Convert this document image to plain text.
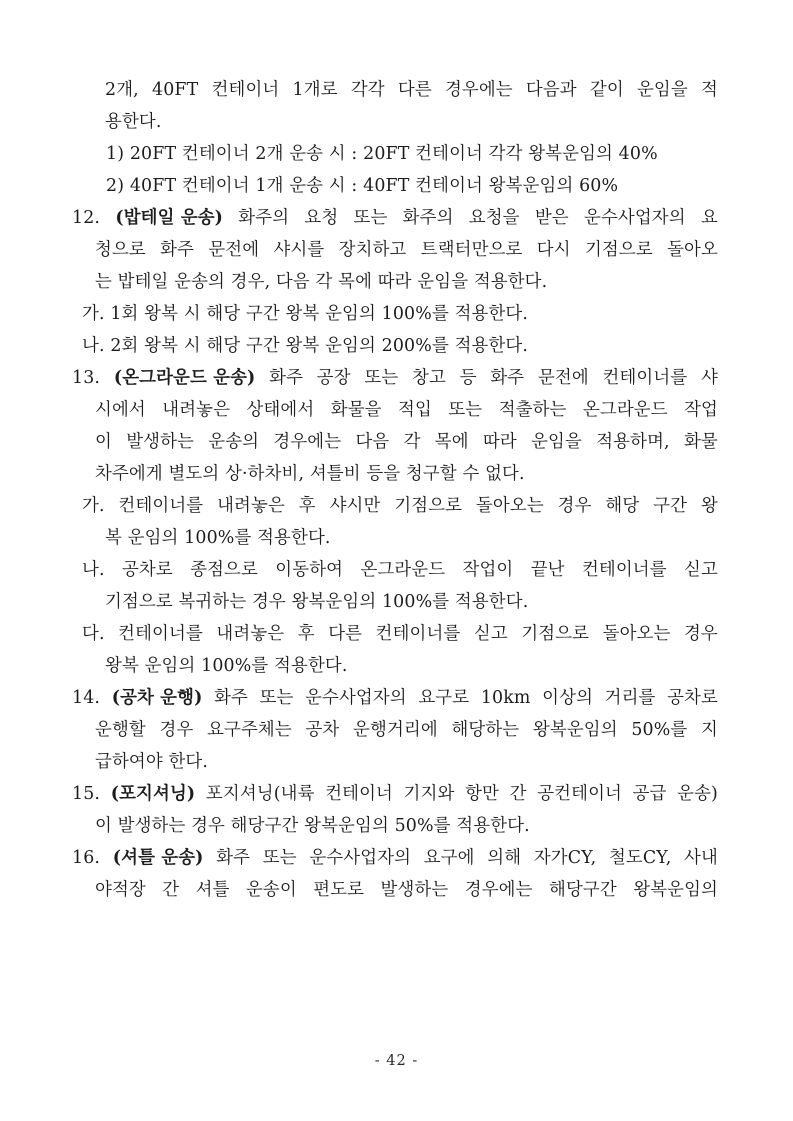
2개, 40FT 컨테이너 1개로 각각 다른 경우에는 다음과 같이 운임을 적
용한다.
1) 20FT 컨테이너 2개 운송 시 : 20FT 컨테이너 각각 왕복운임의 40%
2) 40FT 컨테이너 1개 운송 시 : 40FT 컨테이너 왕복운임의 60%
12. (밥테일 운송) 화주의 요청 또는 화주의 요청을 받은 운수사업자의 요
청으로 화주 문전에 샤시를 장치하고 트랙터만으로 다시 기점으로 돌아오
는 밥테일 운송의 경우, 다음 각 목에 따라 운임을 적용한다.
가. 1회 왕복 시 해당 구간 왕복 운임의 100%를 적용한다.
나. 2회 왕복 시 해당 구간 왕복 운임의 200%를 적용한다.
13. (온그라운드 운송) 화주 공장 또는 창고 등 화주 문전에 컨테이너를 샤
시에서 내려놓은 상태에서 화물을 적입 또는 적출하는 온그라운드 작업
이 발생하는 운송의 경우에는 다음 각 목에 따라 운임을 적용하며, 화물
차주에게 별도의 상·하차비, 셔틀비 등을 청구할 수 없다.
가. 컨테이너를 내려놓은 후 샤시만 기점으로 돌아오는 경우 해당 구간 왕
복 운임의 100%를 적용한다.
나. 공차로 종점으로 이동하여 온그라운드 작업이 끝난 컨테이너를 싣고
기점으로 복귀하는 경우 왕복운임의 100%를 적용한다.
다. 컨테이너를 내려놓은 후 다른 컨테이너를 싣고 기점으로 돌아오는 경우
왕복 운임의 100%를 적용한다.
14. (공차 운행) 화주 또는 운수사업자의 요구로 10km 이상의 거리를 공차로
운행할 경우 요구주체는 공차 운행거리에 해당하는 왕복운임의 50%를 지
급하여야 한다.
15. (포지셔닝) 포지셔닝(내륙 컨테이너 기지와 항만 간 공컨테이너 공급 운송)
이 발생하는 경우 해당구간 왕복운임의 50%를 적용한다.
16. (셔틀 운송) 화주 또는 운수사업자의 요구에 의해 자가CY, 철도CY, 사내
야적장 간 셔틀 운송이 편도로 발생하는 경우에는 해당구간 왕복운임의
- 42 -
